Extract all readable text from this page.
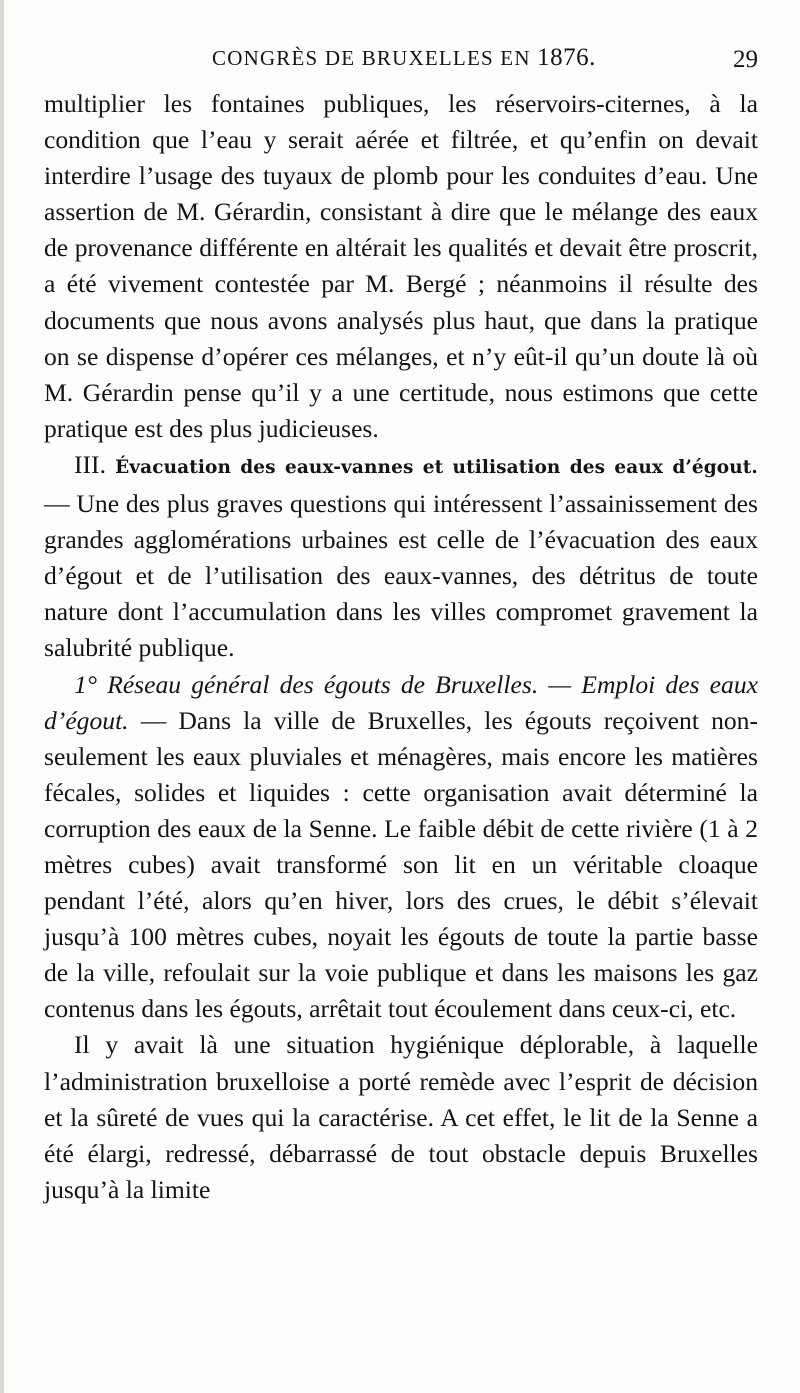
CONGRÈS DE BRUXELLES EN 1876.	29

multiplier les fontaines publiques, les réservoirs-citernes, à la condition que l’eau y serait aérée et filtrée, et qu’enfin on devait interdire l’usage des tuyaux de plomb pour les conduites d’eau. Une assertion de M. Gérardin, consistant à dire que le mélange des eaux de provenance différente en altérait les qualités et devait être proscrit, a été vivement contestée par M. Bergé ; néanmoins il résulte des documents que nous avons analysés plus haut, que dans la pratique on se dispense d’opérer ces mélanges, et n’y eût-il qu’un doute là où M. Gérardin pense qu’il y a une certitude, nous estimons que cette pratique est des plus judicieuses.

III. Évacuation des eaux-vannes et utilisation des eaux d’égout. — Une des plus graves questions qui intéressent l’assainissement des grandes agglomérations urbaines est celle de l’évacuation des eaux d’égout et de l’utilisation des eaux-vannes, des détritus de toute nature dont l’accumulation dans les villes compromet gravement la salubrité publique.

1° Réseau général des égouts de Bruxelles. — Emploi des eaux d’égout. — Dans la ville de Bruxelles, les égouts reçoivent non-seulement les eaux pluviales et ménagères, mais encore les matières fécales, solides et liquides : cette organisation avait déterminé la corruption des eaux de la Senne. Le faible débit de cette rivière (1 à 2 mètres cubes) avait transformé son lit en un véritable cloaque pendant l’été, alors qu’en hiver, lors des crues, le débit s’élevait jusqu’à 100 mètres cubes, noyait les égouts de toute la partie basse de la ville, refoulait sur la voie publique et dans les maisons les gaz contenus dans les égouts, arrêtait tout écoulement dans ceux-ci, etc.

Il y avait là une situation hygiénique déplorable, à laquelle l’administration bruxelloise a porté remède avec l’esprit de décision et la sûreté de vues qui la caractérise. A cet effet, le lit de la Senne a été élargi, redressé, débarrassé de tout obstacle depuis Bruxelles jusqu’à la limite
